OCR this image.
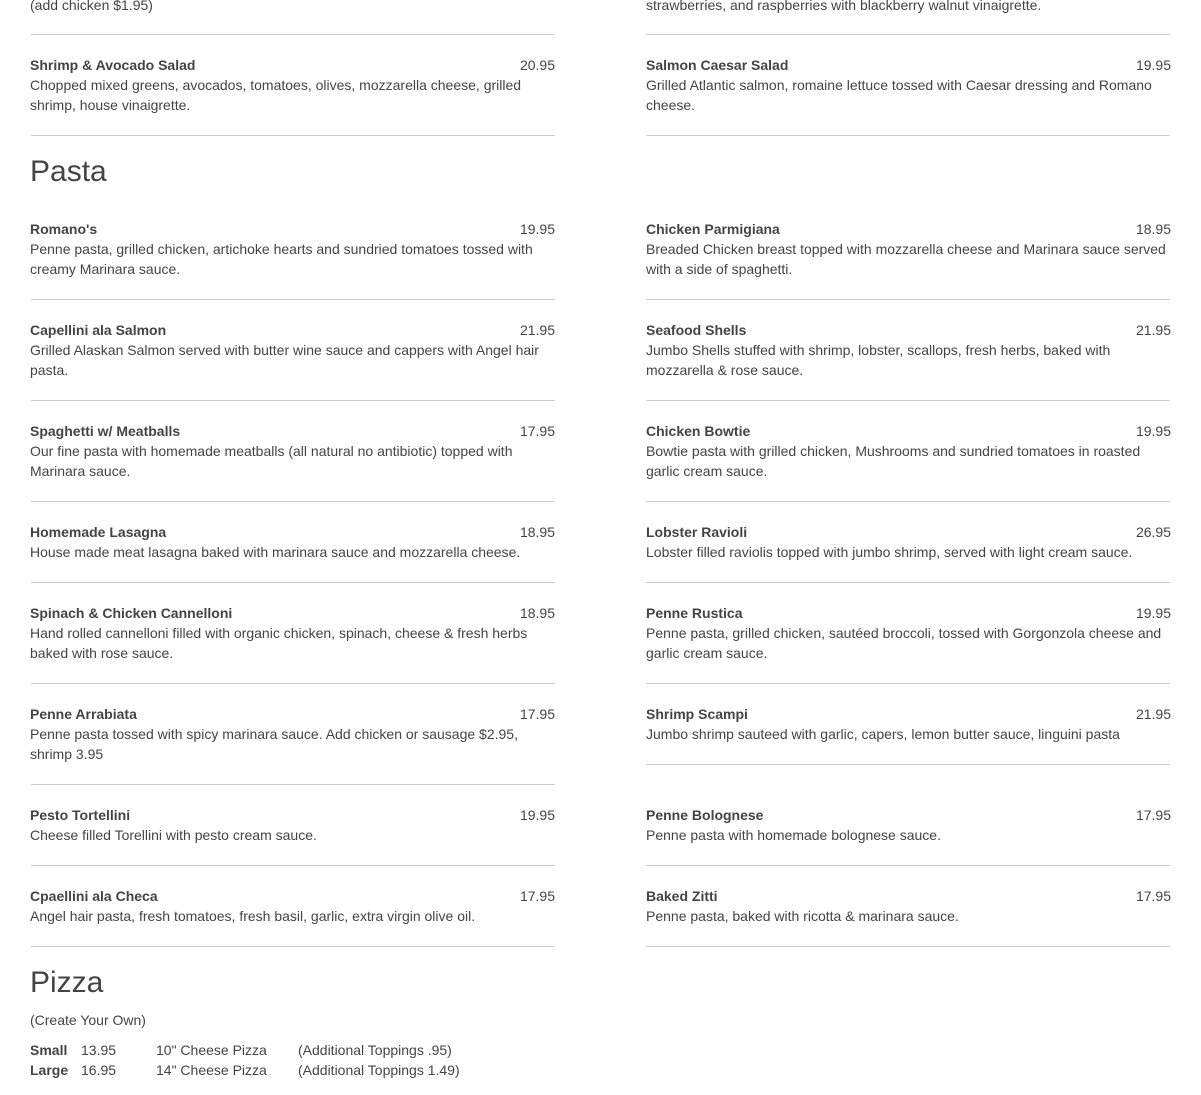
(add chicken $1.95)	strawberries, and raspberries with blackberry walnut vinaigrette.
Shrimp & Avocado Salad	20.95
Chopped mixed greens, avocados, tomatoes, olives, mozzarella cheese, grilled shrimp, house vinaigrette.
Salmon Caesar Salad	19.95
Grilled Atlantic salmon, romaine lettuce tossed with Caesar dressing and Romano cheese.
Pasta
Romano's	19.95
Penne pasta, grilled chicken, artichoke hearts and sundried tomatoes tossed with creamy Marinara sauce.
Capellini ala Salmon	21.95
Grilled Alaskan Salmon served with butter wine sauce and cappers with Angel hair pasta.
Spaghetti w/ Meatballs	17.95
Our fine pasta with homemade meatballs (all natural no antibiotic) topped with Marinara sauce.
Homemade Lasagna	18.95
House made meat lasagna baked with marinara sauce and mozzarella cheese.
Spinach & Chicken Cannelloni	18.95
Hand rolled cannelloni filled with organic chicken, spinach, cheese & fresh herbs baked with rose sauce.
Penne Arrabiata	17.95
Penne pasta tossed with spicy marinara sauce. Add chicken or sausage $2.95, shrimp 3.95
Pesto Tortellini	19.95
Cheese filled Torellini with pesto cream sauce.
Cpaellini ala Checa	17.95
Angel hair pasta, fresh tomatoes, fresh basil, garlic, extra virgin olive oil.
Chicken Parmigiana	18.95
Breaded Chicken breast topped with mozzarella cheese and Marinara sauce served with a side of spaghetti.
Seafood Shells	21.95
Jumbo Shells stuffed with shrimp, lobster, scallops, fresh herbs, baked with mozzarella & rose sauce.
Chicken Bowtie	19.95
Bowtie pasta with grilled chicken, Mushrooms and sundried tomatoes in roasted garlic cream sauce.
Lobster Ravioli	26.95
Lobster filled raviolis topped with jumbo shrimp, served with light cream sauce.
Penne Rustica	19.95
Penne pasta, grilled chicken, sautéed broccoli, tossed with Gorgonzola cheese and garlic cream sauce.
Shrimp Scampi	21.95
Jumbo shrimp sauteed with garlic, capers, lemon butter sauce, linguini pasta
Penne Bolognese	17.95
Penne pasta with homemade bolognese sauce.
Baked Zitti	17.95
Penne pasta, baked with ricotta & marinara sauce.
Pizza
(Create Your Own)
Small 13.95	10" Cheese Pizza (Additional Toppings .95)
Large 16.95	14" Cheese Pizza (Additional Toppings 1.49)
